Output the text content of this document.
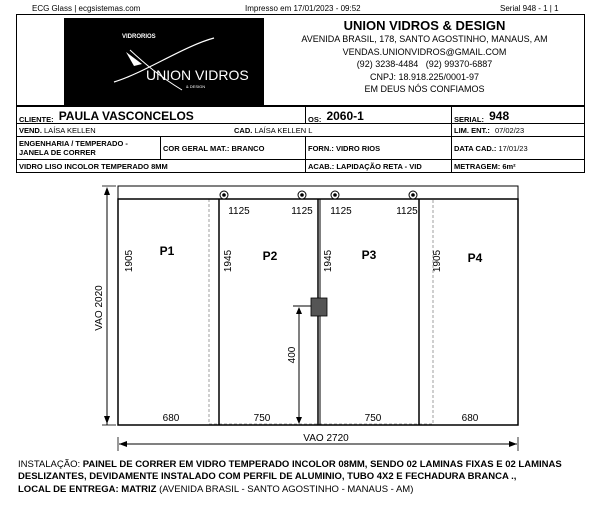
ECG Glass | ecgsistemas.com	Impresso em 17/01/2023 - 09:52	Serial 948 - 1 | 1
VIDRORIOS
UNION VIDROS
& DESIGN
UNION VIDROS & DESIGN
AVENIDA BRASIL, 178, SANTO AGOSTINHO, MANAUS, AM
VENDAS.UNIONVIDROS@GMAIL.COM
(92) 3238-4484   (92) 99370-6887
CNPJ: 18.918.225/0001-97
EM DEUS NÓS CONFIAMOS
CLIENTE: PAULA VASCONCELOS	OS: 2060-1	SERIAL: 948
VEND. LAÍSA KELLEN	CAD. LAÍSA KELLEN L	LIM. ENT.: 07/02/23
ENGENHARIA / TEMPERADO -
JANELA DE CORRER	COR GERAL MAT.: BRANCO	FORN.: VIDRO RIOS	DATA CAD.: 17/01/23
VIDRO LISO INCOLOR TEMPERADO 8MM	ACAB.: LAPIDAÇÃO RETA - VID	METRAGEM: 6m²
P1	P2	P3	P4
1125	1125 1125	1125
1905	1945	1945	1905
680	750	750	680
400
VAO 2020
VAO 2720
INSTALAÇÃO: PAINEL DE CORRER EM VIDRO TEMPERADO INCOLOR 08MM, SENDO 02 LAMINAS FIXAS E 02 LAMINAS DESLIZANTES, DEVIDAMENTE INSTALADO COM PERFIL DE ALUMINIO, TUBO 4X2 E FECHADURA BRANCA .,
LOCAL DE ENTREGA: MATRIZ (AVENIDA BRASIL - SANTO AGOSTINHO - MANAUS - AM)
